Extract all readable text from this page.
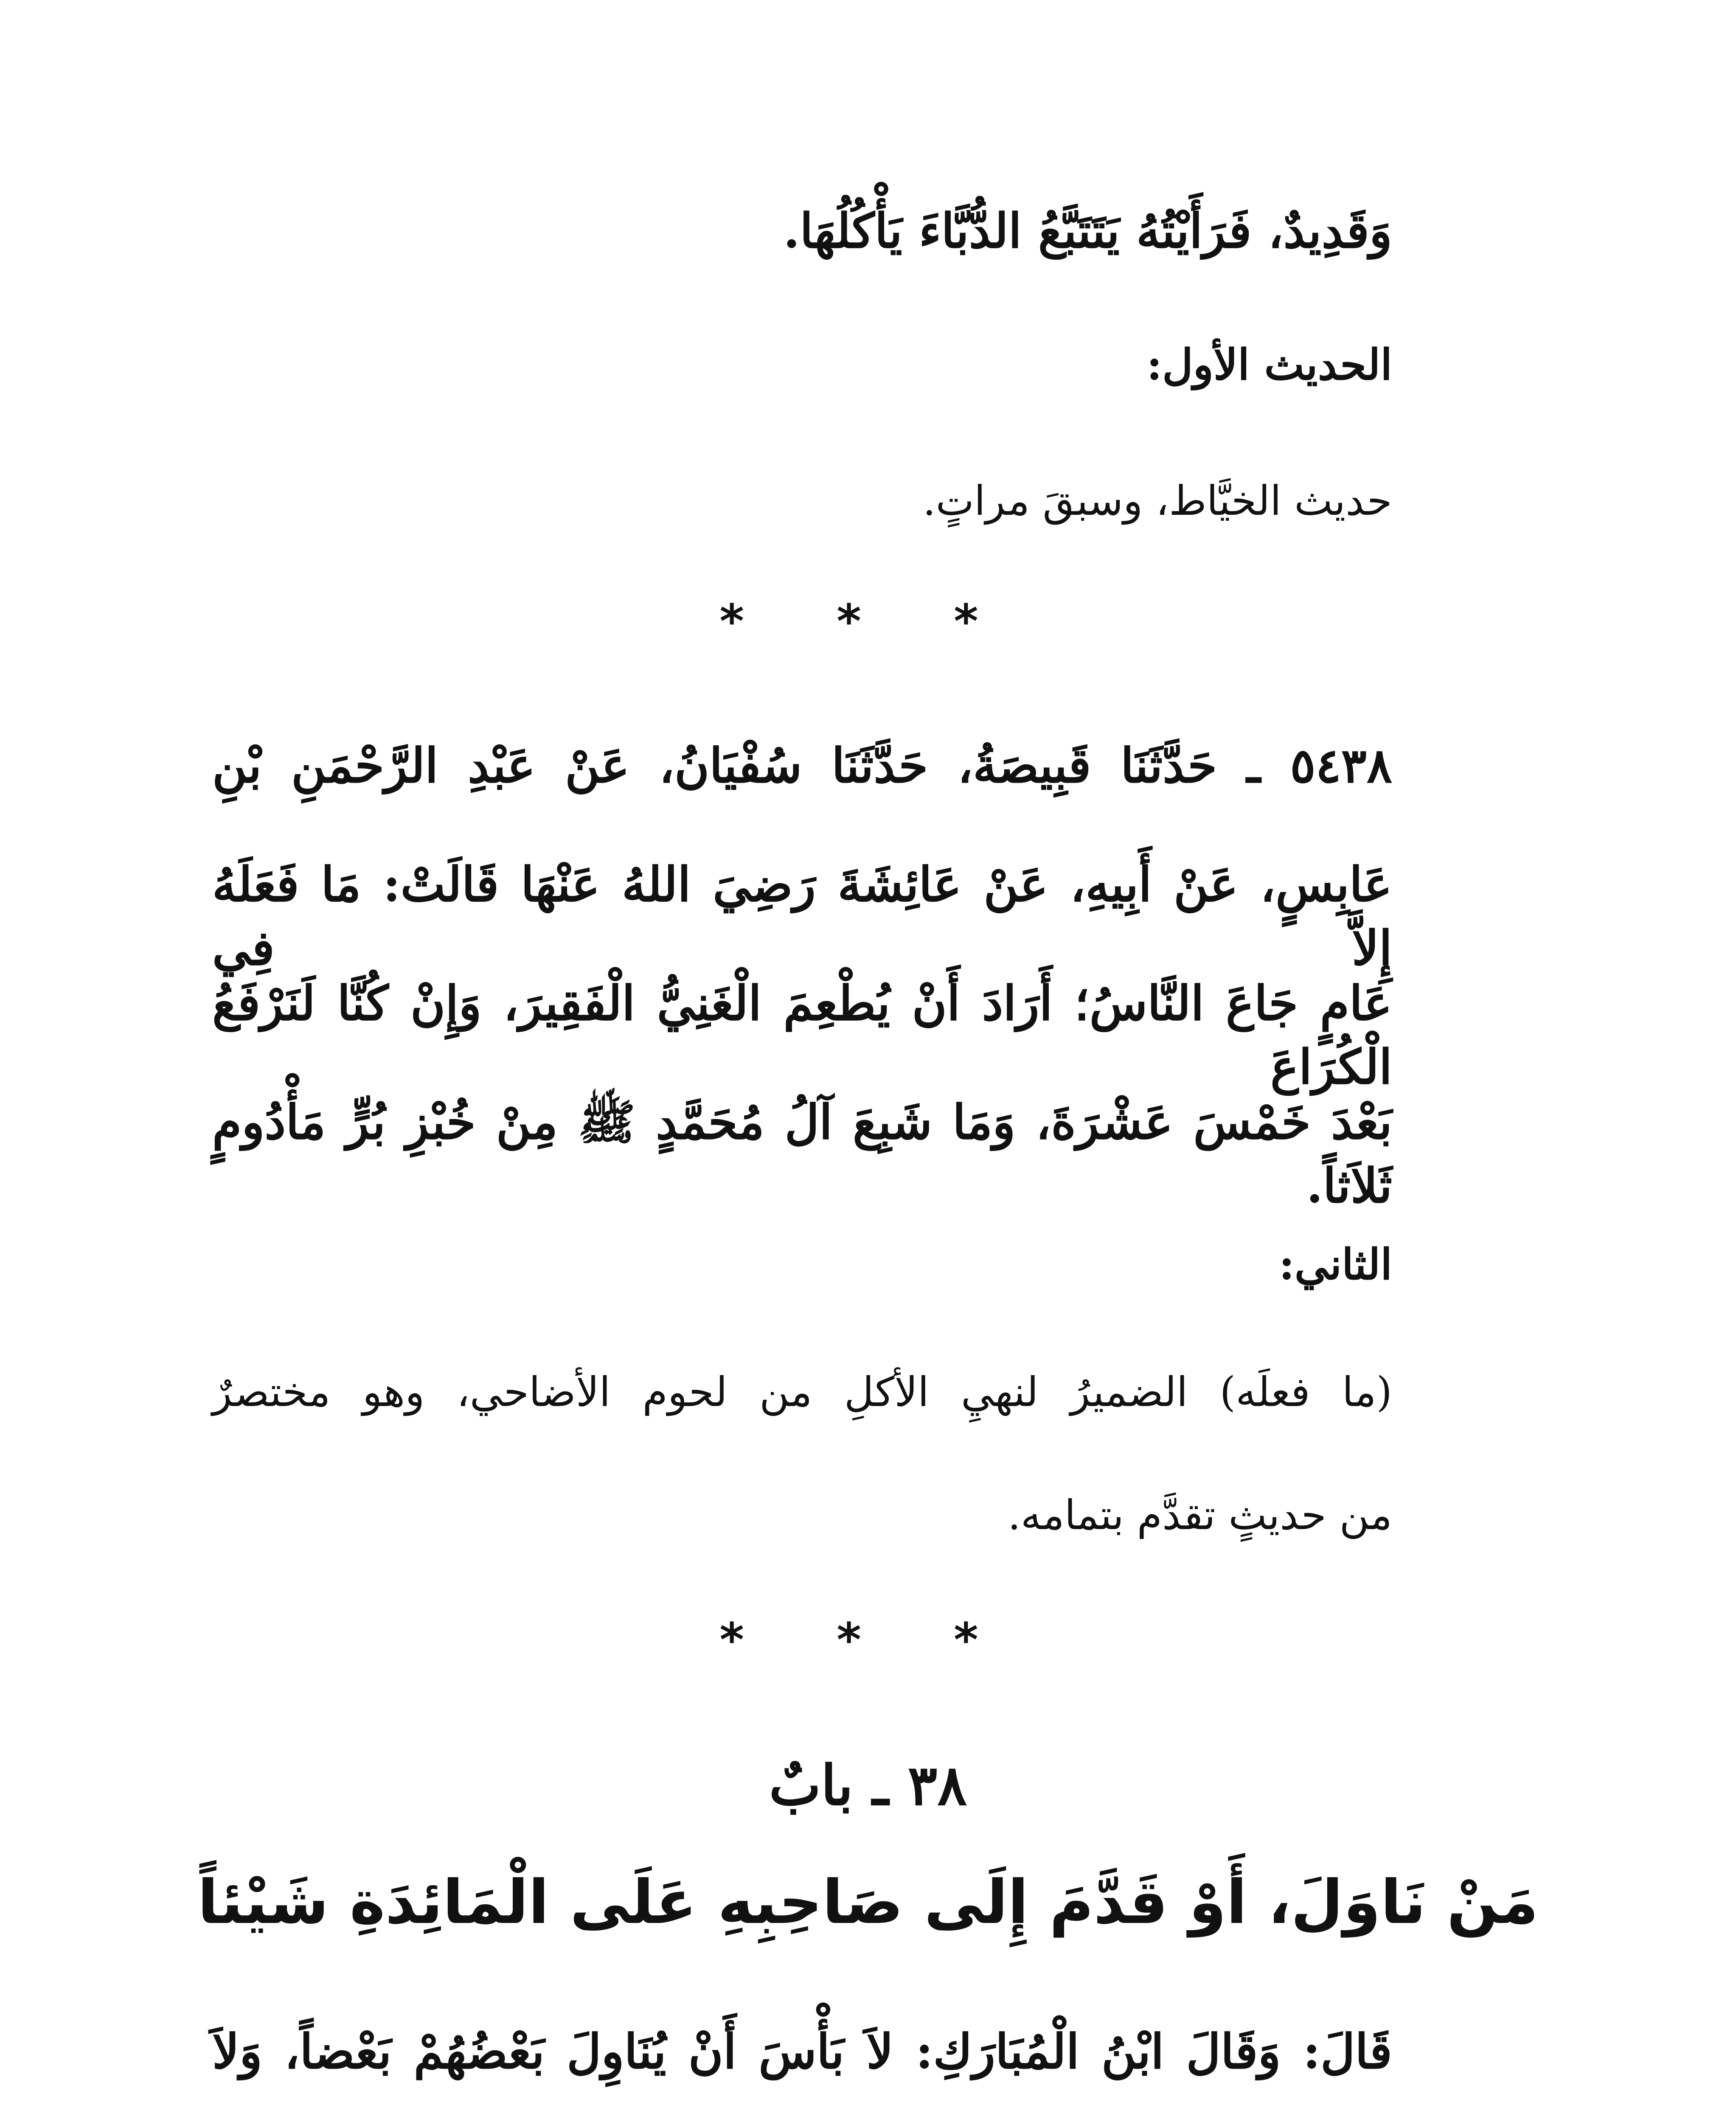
وَقَدِيدٌ، فَرَأَيْتُهُ يَتَتَبَّعُ الدُّبَّاءَ يَأْكُلُهَا.
الحديث الأول:
حديث الخيَّاط، وسبقَ مراتٍ.
* * *
٥٤٣٨ ـ حَدَّثَنَا قَبِيصَةُ، حَدَّثَنَا سُفْيَانُ، عَنْ عَبْدِ الرَّحْمَنِ بْنِ
عَابِسٍ، عَنْ أَبِيهِ، عَنْ عَائِشَةَ رَضِيَ اللهُ عَنْهَا قَالَتْ: مَا فَعَلَهُ إِلاَّ فِي
عَامٍ جَاعَ النَّاسُ؛ أَرَادَ أَنْ يُطْعِمَ الْغَنِيُّ الْفَقِيرَ، وَإِنْ كُنَّا لَنَرْفَعُ الْكُرَاعَ
بَعْدَ خَمْسَ عَشْرَةَ، وَمَا شَبِعَ آلُ مُحَمَّدٍ ﷺ مِنْ خُبْزِ بُرٍّ مَأْدُومٍ ثَلاَثاً.
الثاني:
(ما فعلَه) الضميرُ لنهيِ الأكلِ من لحوم الأضاحي، وهو مختصرٌ
من حديثٍ تقدَّم بتمامه.
* * *
٣٨ ـ بابٌ
مَنْ نَاوَلَ، أَوْ قَدَّمَ إِلَى صَاحِبِهِ عَلَى الْمَائِدَةِ شَيْئاً
قَالَ: وَقَالَ ابْنُ الْمُبَارَكِ: لاَ بَأْسَ أَنْ يُنَاوِلَ بَعْضُهُمْ بَعْضاً، وَلاَ
